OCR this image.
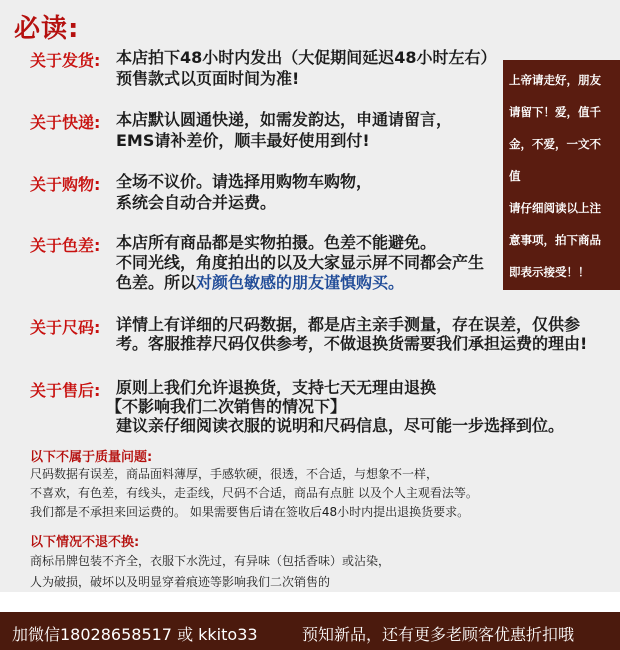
必读:
关于发货: 本店拍下48小时内发出（大促期间延迟48小时左右）
预售款式以页面时间为准!
关于快递: 本店默认圆通快递，如需发韵达，申通请留言，
EMS请补差价，顺丰最好使用到付!
关于购物: 全场不议价。请选择用购物车购物，
系统会自动合并运费。
关于色差: 本店所有商品都是实物拍摄。色差不能避免。
不同光线，角度拍出的以及大家显示屏不同都会产生
色差。所以对颜色敏感的朋友谨慎购买。
关于尺码: 详情上有详细的尺码数据，都是店主亲手测量，存在误差，仅供参
考。客服推荐尺码仅供参考，不做退换货需要我们承担运费的理由!
关于售后: 原则上我们允许退换货，支持七天无理由退换
【不影响我们二次销售的情况下】
建议亲仔细阅读衣服的说明和尺码信息，尽可能一步选择到位。
上帝请走好，朋友
请留下！爱，值千
金，不爱，一文不
值
请仔细阅读以上注
意事项，拍下商品
即表示接受！！
以下不属于质量问题:
尺码数据有误差，商品面料薄厚，手感软硬，很透，不合适，与想象不一样，
不喜欢，有色差，有线头，走歪线，尺码不合适，商品有点脏 以及个人主观看法等。
我们都是不承担来回运费的。 如果需要售后请在签收后48小时内提出退换货要求。
以下情况不退不换:
商标吊牌包装不齐全，衣服下水洗过，有异味（包括香味）或沾染，
人为破损，破坏以及明显穿着痕迹等影响我们二次销售的
加微信18028658517 或 kkito33	预知新品，还有更多老顾客优惠折扣哦
